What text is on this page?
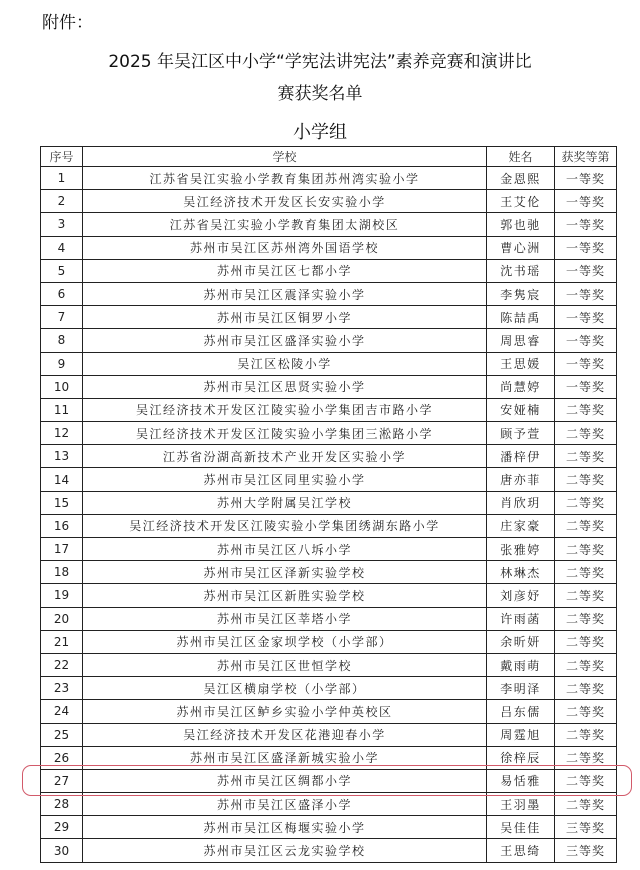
附件：
2025 年吴江区中小学“学宪法讲宪法”素养竞赛和演讲比
赛获奖名单
小学组
序号	学校	姓名	获奖等第
1	江苏省吴江实验小学教育集团苏州湾实验小学	金恩熙	一等奖
2	吴江经济技术开发区长安实验小学	王艾伦	一等奖
3	江苏省吴江实验小学教育集团太湖校区	郭也驰	一等奖
4	苏州市吴江区苏州湾外国语学校	曹心洲	一等奖
5	苏州市吴江区七都小学	沈书瑶	一等奖
6	苏州市吴江区震泽实验小学	李隽宸	一等奖
7	苏州市吴江区铜罗小学	陈喆禹	一等奖
8	苏州市吴江区盛泽实验小学	周思睿	一等奖
9	吴江区松陵小学	王思媛	一等奖
10	苏州市吴江区思贤实验小学	尚慧婷	一等奖
11	吴江经济技术开发区江陵实验小学集团吉市路小学	安娅楠	二等奖
12	吴江经济技术开发区江陵实验小学集团三淞路小学	顾予萱	二等奖
13	江苏省汾湖高新技术产业开发区实验小学	潘梓伊	二等奖
14	苏州市吴江区同里实验小学	唐亦菲	二等奖
15	苏州大学附属吴江学校	肖欣玥	二等奖
16	吴江经济技术开发区江陵实验小学集团绣湖东路小学	庄家豪	二等奖
17	苏州市吴江区八坼小学	张雅婷	二等奖
18	苏州市吴江区泽新实验学校	林琳杰	二等奖
19	苏州市吴江区新胜实验学校	刘彦妤	二等奖
20	苏州市吴江区莘塔小学	许雨菡	二等奖
21	苏州市吴江区金家坝学校（小学部）	余昕妍	二等奖
22	苏州市吴江区世恒学校	戴雨萌	二等奖
23	吴江区横扇学校（小学部）	李明泽	二等奖
24	苏州市吴江区鲈乡实验小学仲英校区	吕东儒	二等奖
25	吴江经济技术开发区花港迎春小学	周霆旭	二等奖
26	苏州市吴江区盛泽新城实验小学	徐梓辰	二等奖
27	苏州市吴江区绸都小学	易恬雅	二等奖
28	苏州市吴江区盛泽小学	王羽墨	二等奖
29	苏州市吴江区梅堰实验小学	吴佳佳	三等奖
30	苏州市吴江区云龙实验学校	王思绮	三等奖
